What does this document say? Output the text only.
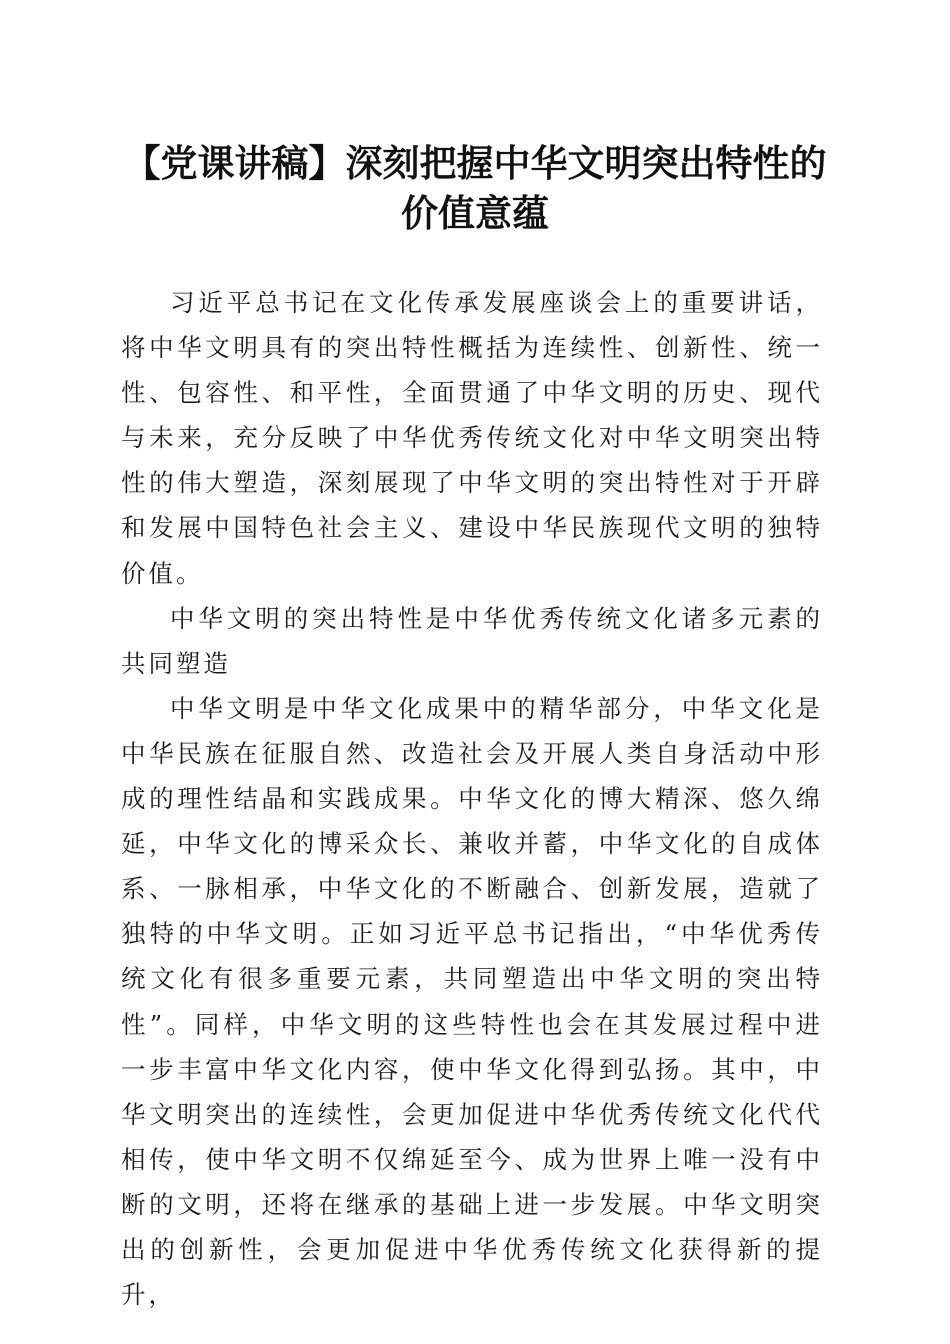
【党课讲稿】深刻把握中华文明突出特性的价值意蕴

习近平总书记在文化传承发展座谈会上的重要讲话，将中华文明具有的突出特性概括为连续性、创新性、统一性、包容性、和平性，全面贯通了中华文明的历史、现代与未来，充分反映了中华优秀传统文化对中华文明突出特性的伟大塑造，深刻展现了中华文明的突出特性对于开辟和发展中国特色社会主义、建设中华民族现代文明的独特价值。

中华文明的突出特性是中华优秀传统文化诸多元素的共同塑造

中华文明是中华文化成果中的精华部分，中华文化是中华民族在征服自然、改造社会及开展人类自身活动中形成的理性结晶和实践成果。中华文化的博大精深、悠久绵延，中华文化的博采众长、兼收并蓄，中华文化的自成体系、一脉相承，中华文化的不断融合、创新发展，造就了独特的中华文明。正如习近平总书记指出，“中华优秀传统文化有很多重要元素，共同塑造出中华文明的突出特性”。同样，中华文明的这些特性也会在其发展过程中进一步丰富中华文化内容，使中华文化得到弘扬。其中，中华文明突出的连续性，会更加促进中华优秀传统文化代代相传，使中华文明不仅绵延至今、成为世界上唯一没有中断的文明，还将在继承的基础上进一步发展。中华文明突出的创新性，会更加促进中华优秀传统文化获得新的提升，
